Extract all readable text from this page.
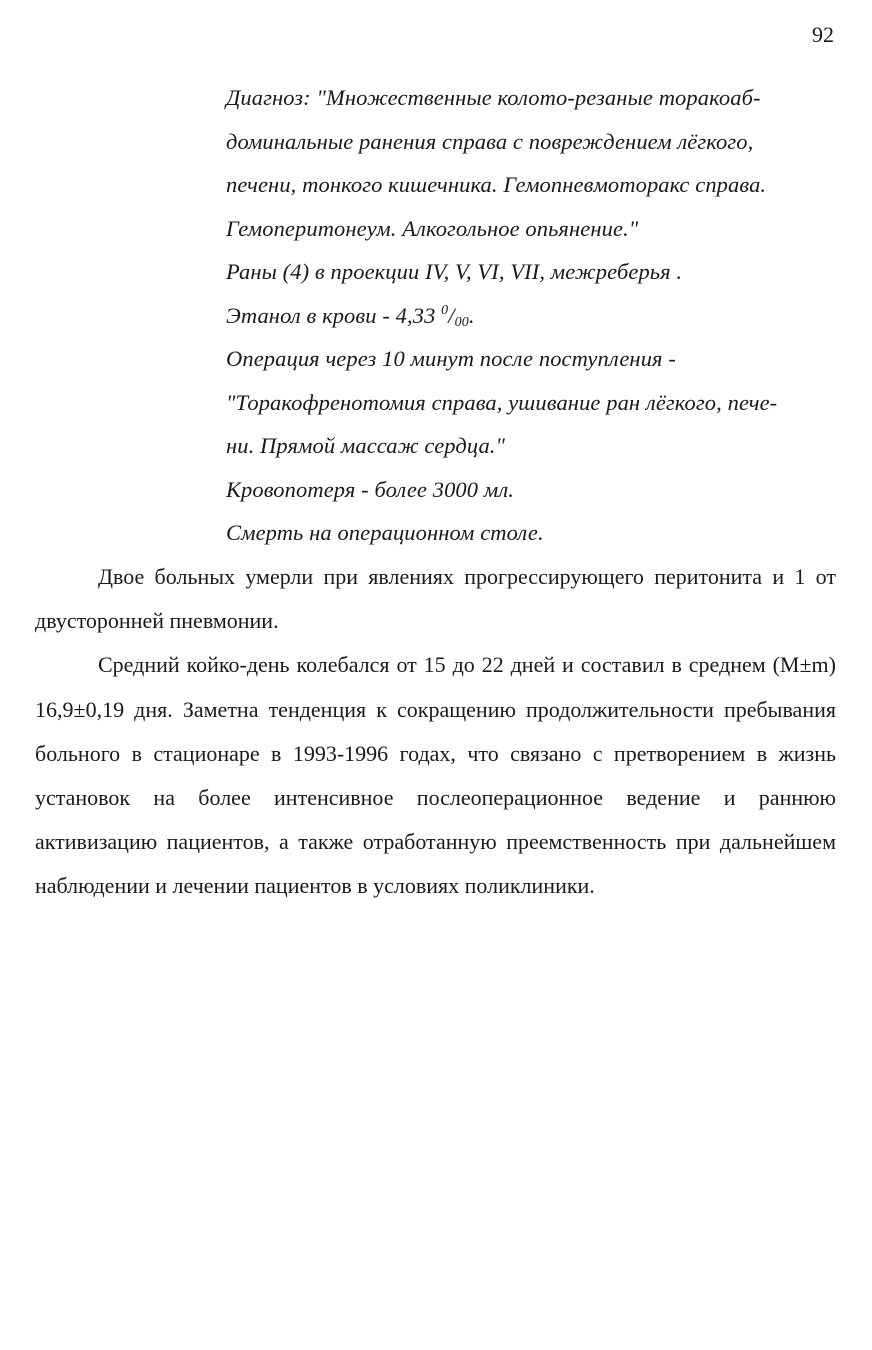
92
Диагноз: "Множественные колото-резаные торакоаб-
доминальные ранения справа с повреждением лёгкого,
печени, тонкого кишечника. Гемопневмоторакс справа.
Гемоперитонеум. Алкогольное опьянение."
Раны (4) в проекции IV, V, VI, VII, межреберья .
Этанол в крови - 4,33 $^0$/00.
Операция через 10 минут после поступления -
"Торакофренотомия справа, ушивание ран лёгкого, пече-
ни. Прямой массаж сердца."
Кровопотеря - более 3000 мл.
Смерть на операционном столе.

Двое больных умерли при явлениях прогрессирующего перитонита и 1 от двусторонней пневмонии.

Средний койко-день колебался от 15 до 22 дней и составил в среднем (M±m) 16,9±0,19 дня. Заметна тенденция к сокращению продолжительности пребывания больного в стационаре в 1993-1996 годах, что связано с претворением в жизнь установок на более интенсивное послеоперационное ведение и раннюю активизацию пациентов, а также отработанную преемственность при дальнейшем наблюдении и лечении пациентов в условиях поликлиники.
